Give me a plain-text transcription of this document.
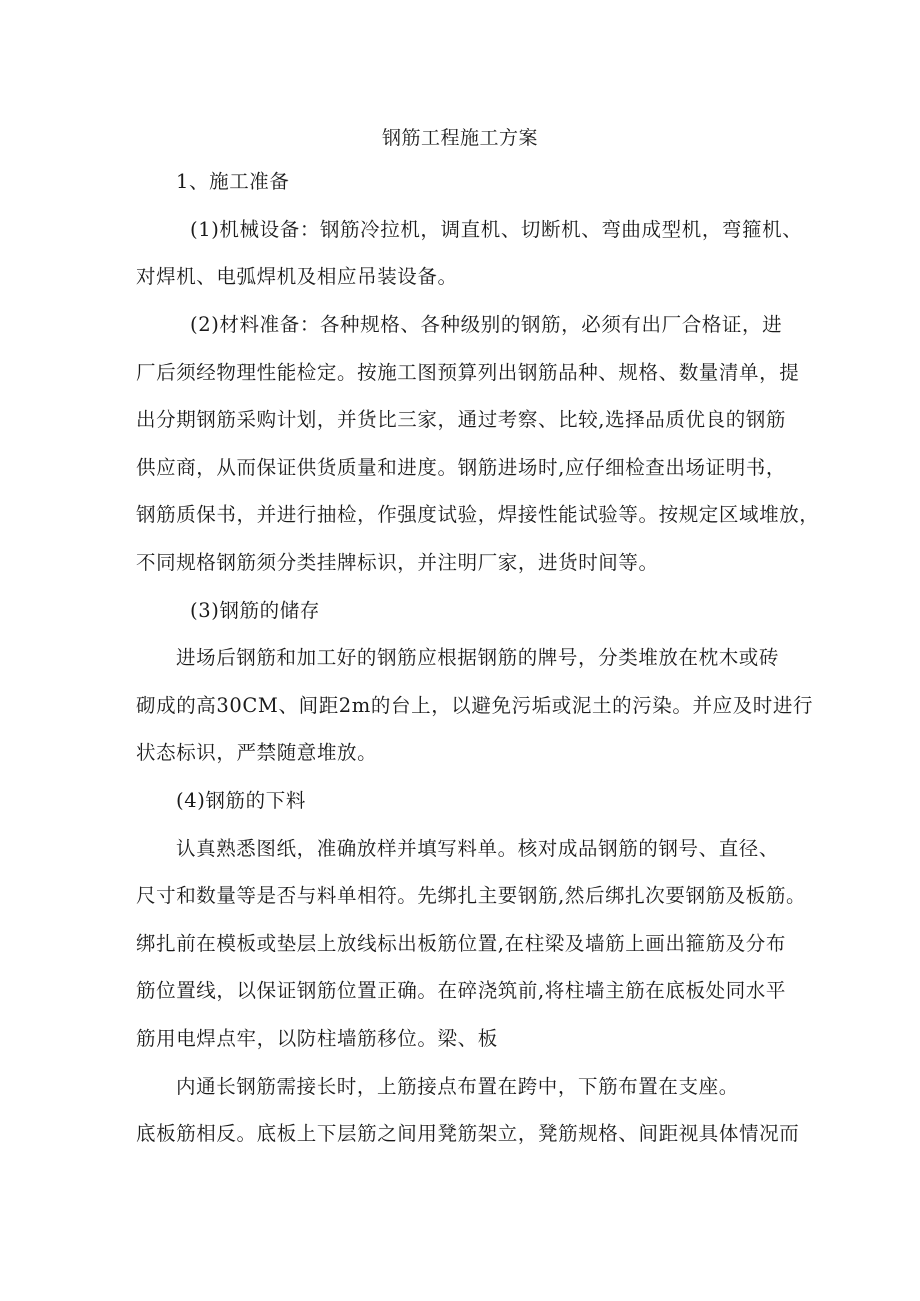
钢筋工程施工方案
1、施工准备
(1)机械设备：钢筋冷拉机，调直机、切断机、弯曲成型机，弯箍机、
对焊机、电弧焊机及相应吊装设备。
(2)材料准备：各种规格、各种级别的钢筋，必须有出厂合格证，进
厂后须经物理性能检定。按施工图预算列出钢筋品种、规格、数量清单，提
出分期钢筋采购计划，并货比三家，通过考察、比较,选择品质优良的钢筋
供应商，从而保证供货质量和进度。钢筋进场时,应仔细检查出场证明书，
钢筋质保书，并进行抽检，作强度试验，焊接性能试验等。按规定区域堆放，
不同规格钢筋须分类挂牌标识，并注明厂家，进货时间等。
(3)钢筋的储存
进场后钢筋和加工好的钢筋应根据钢筋的牌号，分类堆放在枕木或砖
砌成的高30CM、间距2m的台上，以避免污垢或泥土的污染。并应及时进行
状态标识，严禁随意堆放。
(4)钢筋的下料
认真熟悉图纸，准确放样并填写料单。核对成品钢筋的钢号、直径、
尺寸和数量等是否与料单相符。先绑扎主要钢筋,然后绑扎次要钢筋及板筋。
绑扎前在模板或垫层上放线标出板筋位置,在柱梁及墙筋上画出箍筋及分布
筋位置线，以保证钢筋位置正确。在碎浇筑前,将柱墙主筋在底板处同水平
筋用电焊点牢，以防柱墙筋移位。梁、板
内通长钢筋需接长时，上筋接点布置在跨中，下筋布置在支座。
底板筋相反。底板上下层筋之间用凳筋架立，凳筋规格、间距视具体情况而
